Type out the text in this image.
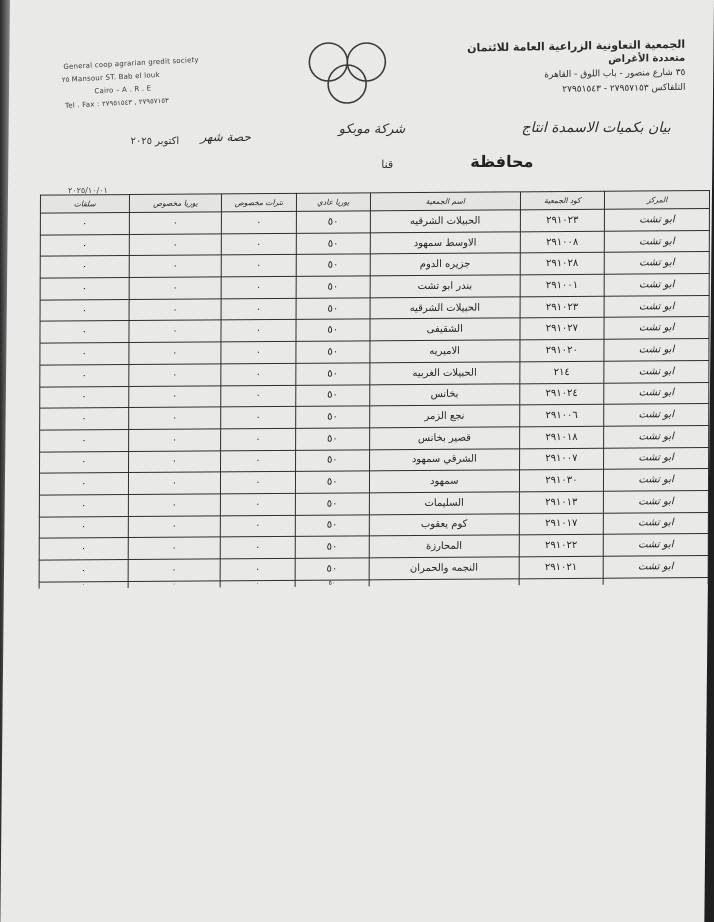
General coop agrarian gredit society
٢٥ Mansour ST. Bab el louk
Cairo – A . R . E
Tel . Fax : ٢٧٩٥٧١٥٣ , ٢٧٩٥١٥٤٣
الجمعية التعاونية الزراعية العامة للائتمان
متعددة الأغراض
٣٥ شارع منصور - باب اللوق - القاهرة
التلفاكس ٢٧٩٥٧١٥٣ - ٢٧٩٥١٥٤٣
بيان بكميات الاسمدة انتاج
شركة موبكو
حصة شهر
اكتوبر ٢٠٢٥
محافظة
قنا
٢٠٢٥/١٠/٠١
المركز	كود الجمعية	اسم الجمعية	يوريا عادي	نترات مخصوص	يوريا مخصوص	سلفات
ابو تشت	٢٩١٠٢٣	الحبيلات الشرقيه	٥٠	٠	٠	٠
ابو تشت	٢٩١٠٠٨	الاوسط سمهود	٥٠	٠	٠	٠
ابو تشت	٢٩١٠٢٨	جزيره الدوم	٥٠	٠	٠	٠
ابو تشت	٢٩١٠٠١	بندر ابو تشت	٥٠	٠	٠	٠
ابو تشت	٢٩١٠٢٣	الحبيلات الشرقيه	٥٠	٠	٠	٠
ابو تشت	٢٩١٠٢٧	الشقيفى	٥٠	٠	٠	٠
ابو تشت	٢٩١٠٢٠	الاميريه	٥٠	٠	٠	٠
ابو تشت	٢١٤	الحبيلات الغربيه	٥٠	٠	٠	٠
ابو تشت	٢٩١٠٢٤	بخانس	٥٠	٠	٠	٠
ابو تشت	٢٩١٠٠٦	نجع الزمر	٥٠	٠	٠	٠
ابو تشت	٢٩١٠١٨	قصير بخانس	٥٠	٠	٠	٠
ابو تشت	٢٩١٠٠٧	الشرقي سمهود	٥٠	٠	٠	٠
ابو تشت	٢٩١٠٣٠	سمهود	٥٠	٠	٠	٠
ابو تشت	٢٩١٠١٣	السليمات	٥٠	٠	٠	٠
ابو تشت	٢٩١٠١٧	كوم يعقوب	٥٠	٠	٠	٠
ابو تشت	٢٩١٠٢٢	المحارزة	٥٠	٠	٠	٠
ابو تشت	٢٩١٠٢١	النجمه والحمران	٥٠	٠	٠	٠
			٥٠	٠	٠	٠
